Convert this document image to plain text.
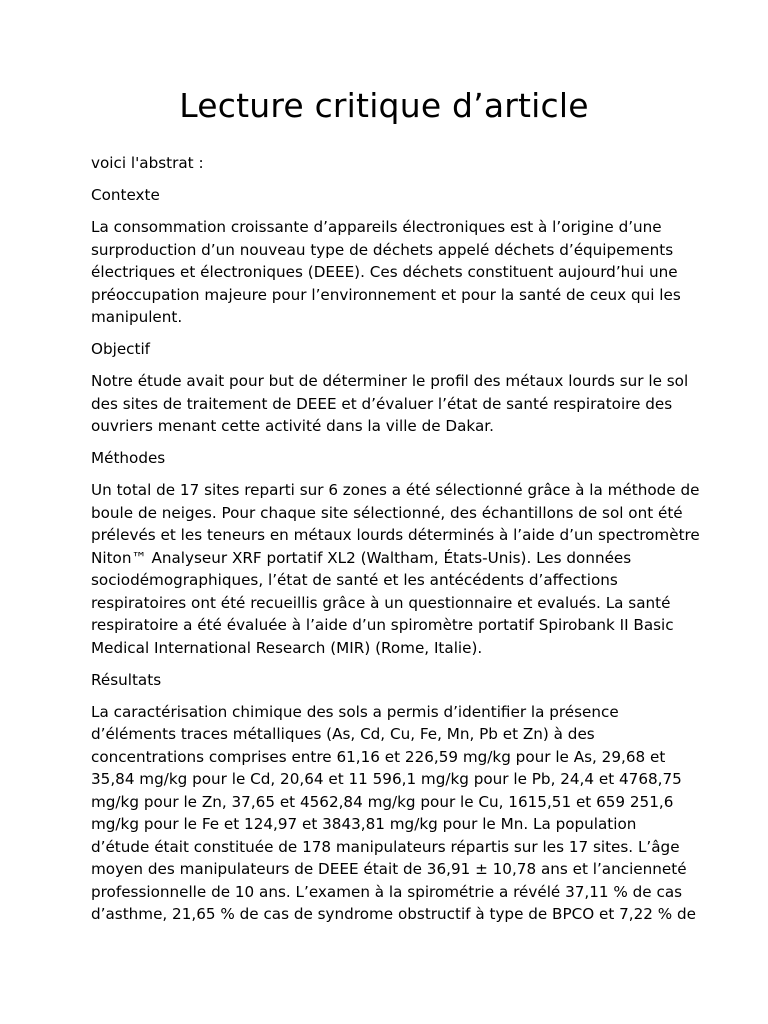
Lecture critique d’article

voici l'abstrat :

Contexte

La consommation croissante d’appareils électroniques est à l’origine d’une
surproduction d’un nouveau type de déchets appelé déchets d’équipements
électriques et électroniques (DEEE). Ces déchets constituent aujourd’hui une
préoccupation majeure pour l’environnement et pour la santé de ceux qui les
manipulent.

Objectif

Notre étude avait pour but de déterminer le profil des métaux lourds sur le sol
des sites de traitement de DEEE et d’évaluer l’état de santé respiratoire des
ouvriers menant cette activité dans la ville de Dakar.

Méthodes

Un total de 17 sites reparti sur 6 zones a été sélectionné grâce à la méthode de
boule de neiges. Pour chaque site sélectionné, des échantillons de sol ont été
prélevés et les teneurs en métaux lourds déterminés à l’aide d’un spectromètre
Niton™ Analyseur XRF portatif XL2 (Waltham, États-Unis). Les données
sociodémographiques, l’état de santé et les antécédents d’affections
respiratoires ont été recueillis grâce à un questionnaire et evalués. La santé
respiratoire a été évaluée à l’aide d’un spiromètre portatif Spirobank II Basic
Medical International Research (MIR) (Rome, Italie).

Résultats

La caractérisation chimique des sols a permis d’identifier la présence
d’éléments traces métalliques (As, Cd, Cu, Fe, Mn, Pb et Zn) à des
concentrations comprises entre 61,16 et 226,59 mg/kg pour le As, 29,68 et
35,84 mg/kg pour le Cd, 20,64 et 11 596,1 mg/kg pour le Pb, 24,4 et 4768,75
mg/kg pour le Zn, 37,65 et 4562,84 mg/kg pour le Cu, 1615,51 et 659 251,6
mg/kg pour le Fe et 124,97 et 3843,81 mg/kg pour le Mn. La population
d’étude était constituée de 178 manipulateurs répartis sur les 17 sites. L’âge
moyen des manipulateurs de DEEE était de 36,91 ± 10,78 ans et l’ancienneté
professionnelle de 10 ans. L’examen à la spirométrie a révélé 37,11 % de cas
d’asthme, 21,65 % de cas de syndrome obstructif à type de BPCO et 7,22 % de
